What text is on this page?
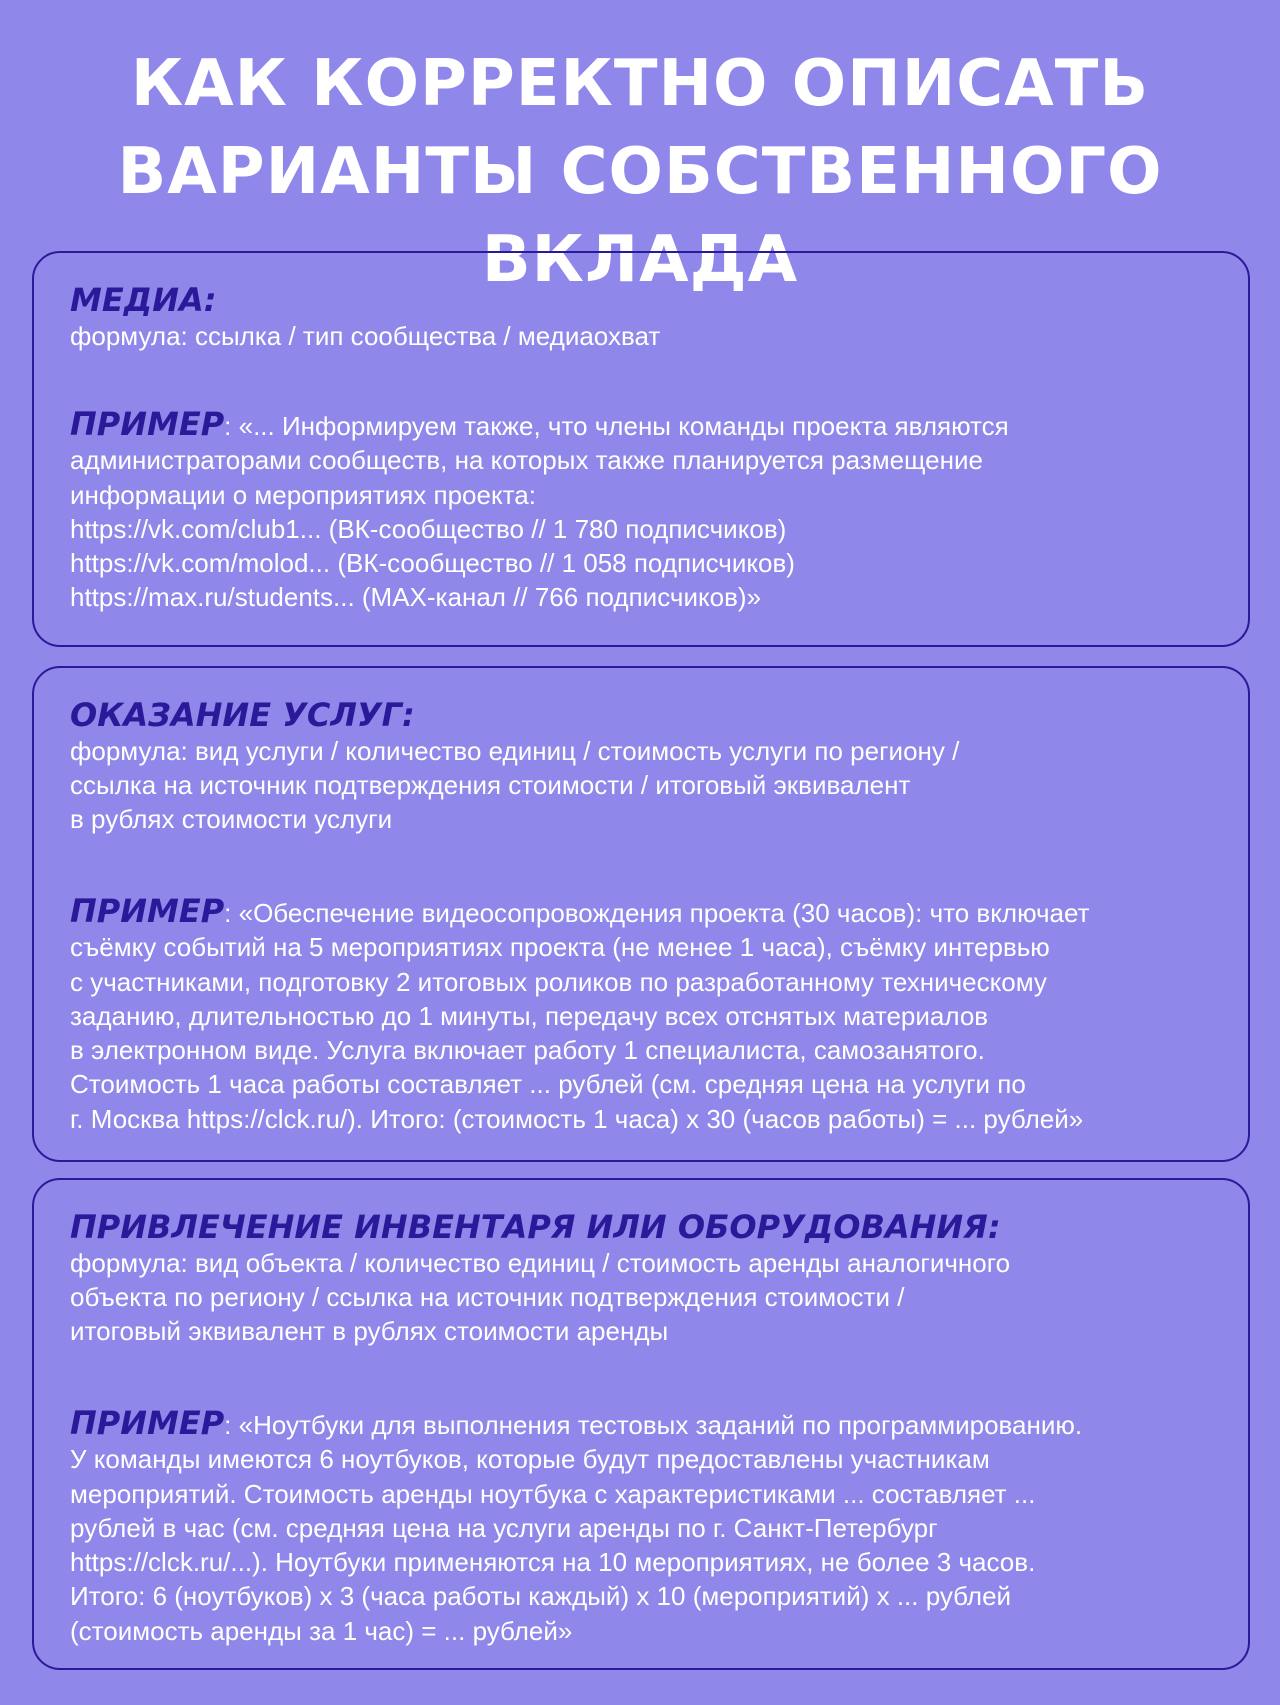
КАК КОРРЕКТНО ОПИСАТЬ
ВАРИАНТЫ СОБСТВЕННОГО ВКЛАДА
МЕДИА:

формула: ссылка / тип сообщества / медиаохват

ПРИМЕР: «... Информируем также, что члены команды проекта являются
администраторами сообществ, на которых также планируется размещение
информации о мероприятиях проекта:
https://vk.com/club1... (ВК-сообщество // 1 780 подписчиков)
https://vk.com/molod... (ВК-сообщество // 1 058 подписчиков)
https://max.ru/students... (MAX-канал // 766 подписчиков)»

ОКАЗАНИЕ УСЛУГ:

формула: вид услуги / количество единиц / стоимость услуги по региону /
ссылка на источник подтверждения стоимости / итоговый эквивалент
в рублях стоимости услуги

ПРИМЕР: «Обеспечение видеосопровождения проекта (30 часов): что включает
съёмку событий на 5 мероприятиях проекта (не менее 1 часа), съёмку интервью
с участниками, подготовку 2 итоговых роликов по разработанному техническому
заданию, длительностью до 1 минуты, передачу всех отснятых материалов
в электронном виде. Услуга включает работу 1 специалиста, самозанятого.
Стоимость 1 часа работы составляет ... рублей (см. средняя цена на услуги по
г. Москва https://clck.ru/). Итого: (стоимость 1 часа) х 30 (часов работы) = ... рублей»

ПРИВЛЕЧЕНИЕ ИНВЕНТАРЯ ИЛИ ОБОРУДОВАНИЯ:

формула: вид объекта / количество единиц / стоимость аренды аналогичного
объекта по региону / ссылка на источник подтверждения стоимости /
итоговый эквивалент в рублях стоимости аренды

ПРИМЕР: «Ноутбуки для выполнения тестовых заданий по программированию.
У команды имеются 6 ноутбуков, которые будут предоставлены участникам
мероприятий. Стоимость аренды ноутбука с характеристиками ... составляет ...
рублей в час (см. средняя цена на услуги аренды по г. Санкт-Петербург
https://clck.ru/...). Ноутбуки применяются на 10 мероприятиях, не более 3 часов.
Итого: 6 (ноутбуков) х 3 (часа работы каждый) х 10 (мероприятий) х ... рублей
(стоимость аренды за 1 час) = ... рублей»
